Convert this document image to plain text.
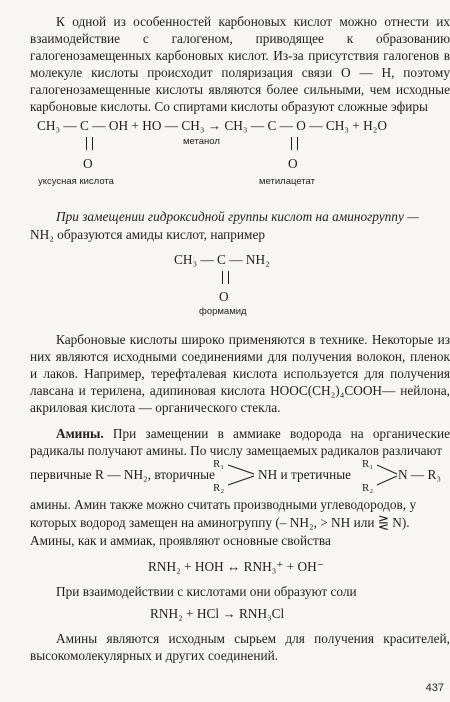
К одной из особенностей карбоновых кислот можно отнести их взаимодействие с галогеном, приводящее к образованию галогенозамещенных карбоновых кислот. Из-за присутствия галогенов в молекуле кислоты происходит поляризация связи О — Н, поэтому галогенозамещенные кислоты являются более сильными, чем исходные карбоновые кислоты. Со спиртами кислоты образуют сложные эфиры

CH₃ — C — OH + HO — CH₃ → CH₃ — C — O — CH₃ + H₂O
O	O
метанол
уксусная кислота	метилацетат
При замещении гидроксидной группы кислот на аминогруппу —
NH₂ образуются амиды кислот, например
CH₃ — C — NH₂
O
формамид

Карбоновые кислоты широко применяются в технике. Некоторые из них являются исходными соединениями для получения волокон, пленок и лаков. Например, терефталевая кислота используется для получения лавсана и терилена, адипиновая кислота HOOC(CH₂)₄COOH— нейлона, акриловая кислота — органического стекла.

Амины. При замещении в аммиаке водорода на органические радикалы получают амины. По числу замещаемых радикалов различают

первичные R — NH₂, вторичные
R₁
R₂
NH и третичные
R₁
R₂
N — R₃
амины. Амин также можно считать производными углеводородов, у
которых водород замещен на аминогруппу (– NH₂, > NH или ⋛ N).
Амины, как и аммиак, проявляют основные свойства
RNH₂ + HOH ↔ RNH₃⁺ + OH⁻
При взаимодействии с кислотами они образуют соли
RNH₂ + HCl → RNH₃Cl

Амины являются исходным сырьем для получения красителей, высокомолекулярных и других соединений.

437
